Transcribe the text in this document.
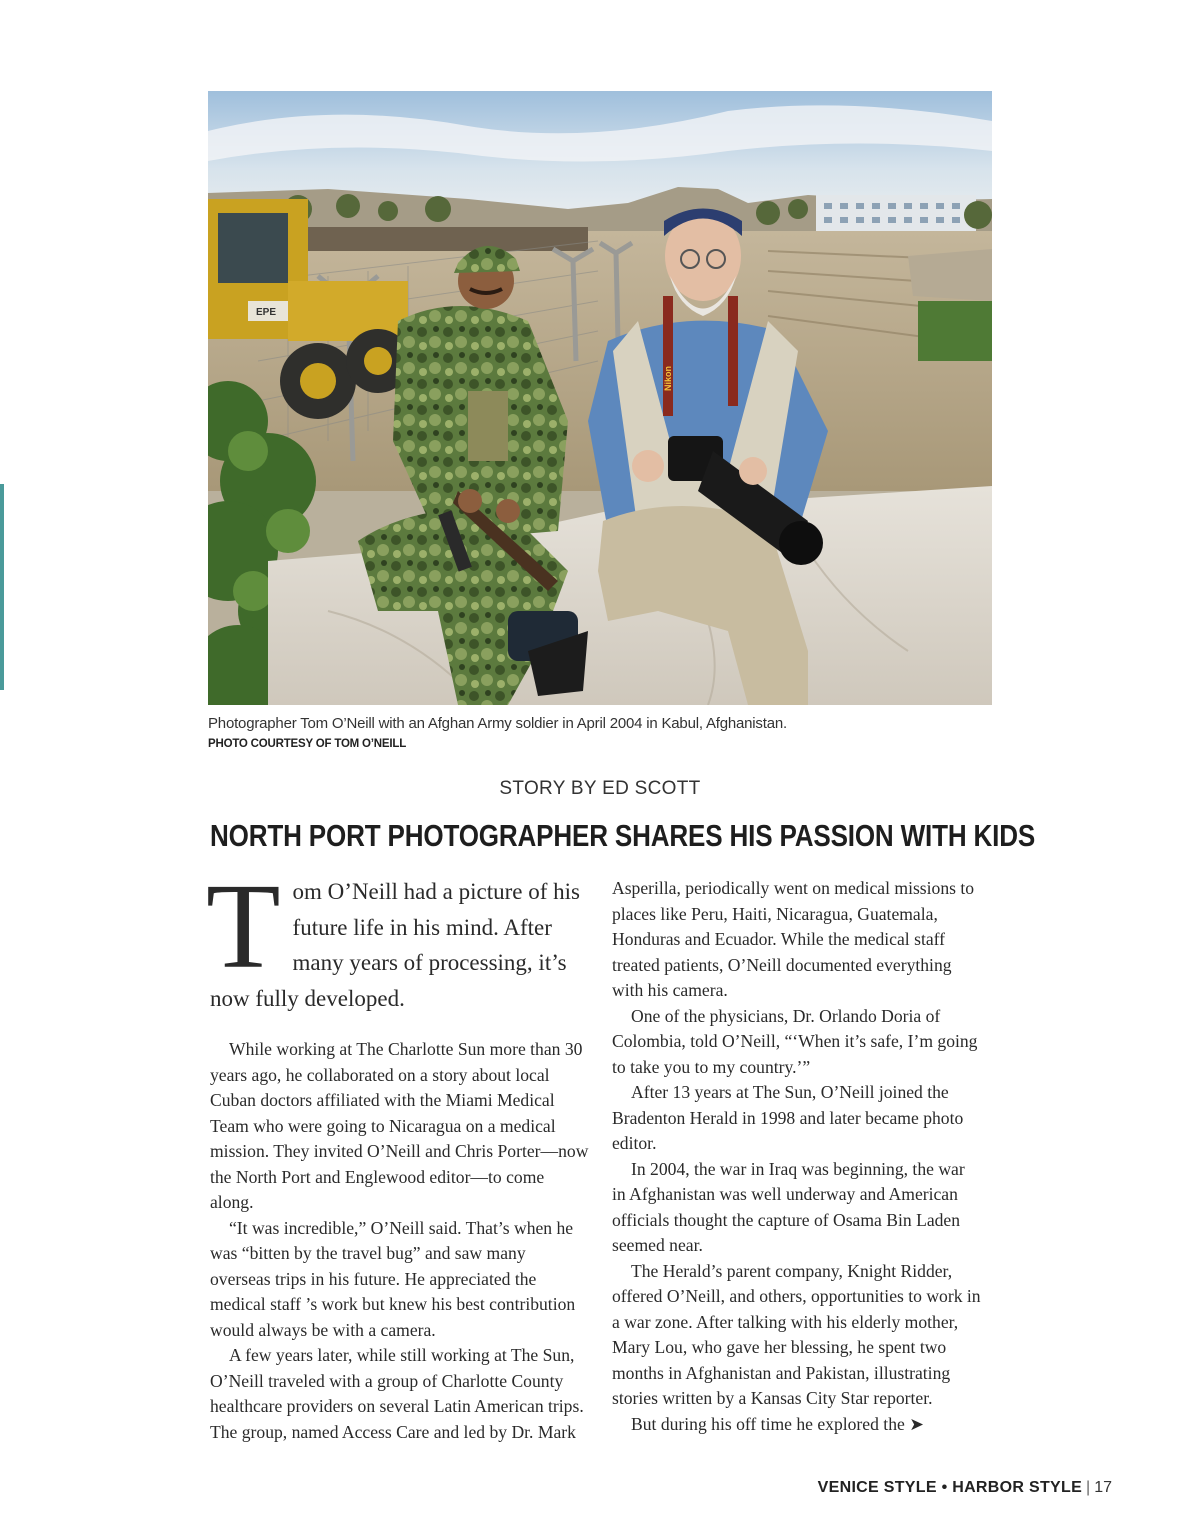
EPE
Nikon
Photographer Tom O’Neill with an Afghan Army soldier in April 2004 in Kabul, Afghanistan.
PHOTO COURTESY OF TOM O’NEILL
STORY BY ED SCOTT
NORTH PORT PHOTOGRAPHER SHARES HIS PASSION WITH KIDS
Tom O’Neill had a picture of his future life in his mind. After many years of processing, it’s now fully developed.

While working at The Charlotte Sun more than 30 years ago, he collaborated on a story about local Cuban doctors affiliated with the Miami Medical Team who were going to Nicaragua on a medical mission. They invited O’Neill and Chris Porter—now the North Port and Englewood editor—to come along.

“It was incredible,” O’Neill said. That’s when he was “bitten by the travel bug” and saw many overseas trips in his future. He appreciated the medical staff ’s work but knew his best contribution would always be with a camera.

A few years later, while still working at The Sun, O’Neill traveled with a group of Charlotte County healthcare providers on several Latin American trips. The group, named Access Care and led by Dr. Mark

Asperilla, periodically went on medical missions to places like Peru, Haiti, Nicaragua, Guatemala, Honduras and Ecuador. While the medical staff treated patients, O’Neill documented everything with his camera.

One of the physicians, Dr. Orlando Doria of Colombia, told O’Neill, “‘When it’s safe, I’m going to take you to my country.’”

After 13 years at The Sun, O’Neill joined the Bradenton Herald in 1998 and later became photo editor.

In 2004, the war in Iraq was beginning, the war in Afghanistan was well underway and American officials thought the capture of Osama Bin Laden seemed near.

The Herald’s parent company, Knight Ridder, offered O’Neill, and others, opportunities to work in a war zone. After talking with his elderly mother, Mary Lou, who gave her blessing, he spent two months in Afghanistan and Pakistan, illustrating stories written by a Kansas City Star reporter.

But during his off time he explored the ➤

VENICE STYLE • HARBOR STYLE | 17
